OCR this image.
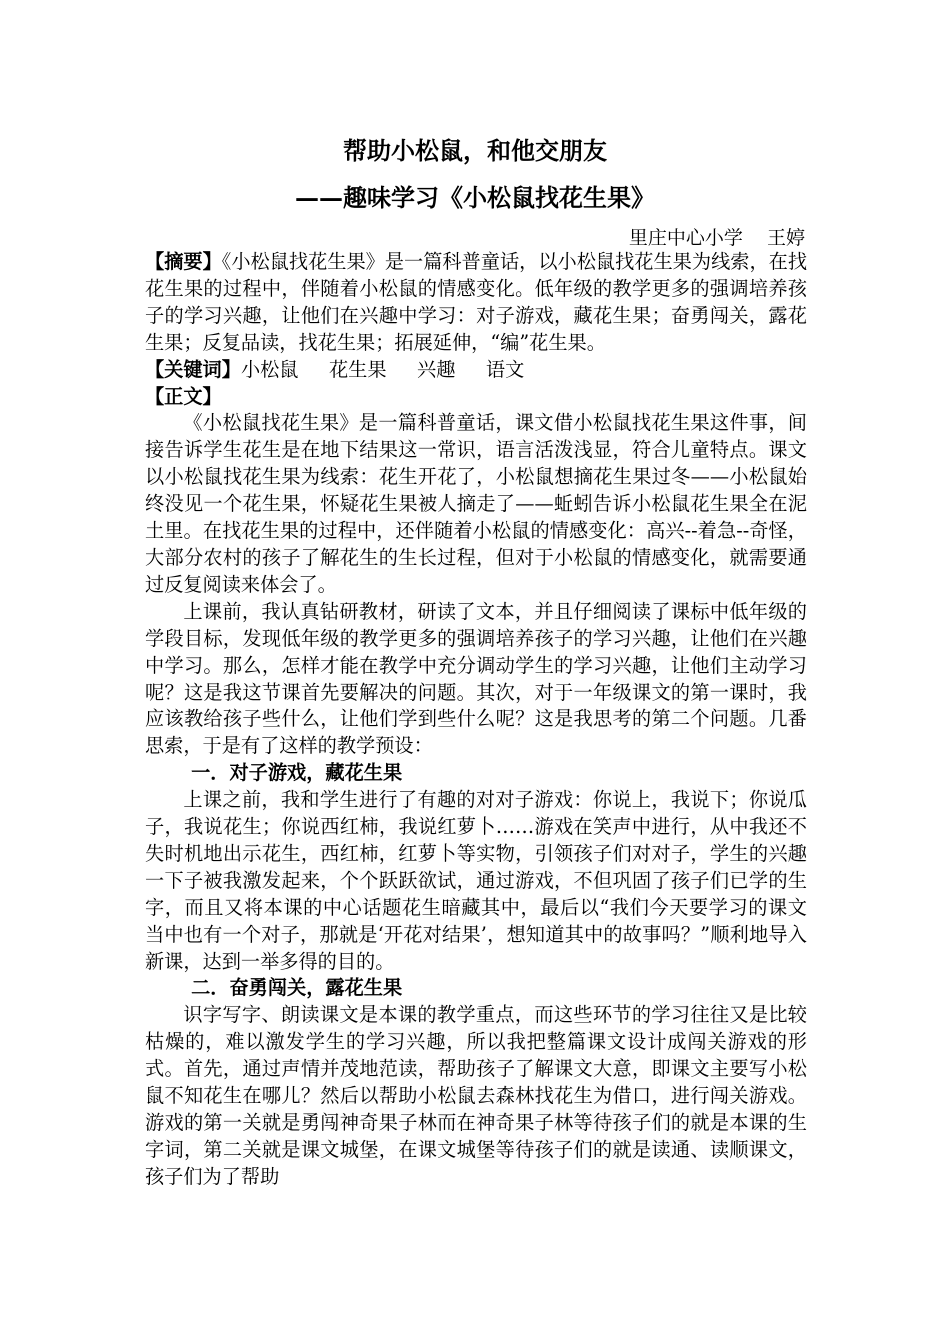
帮助小松鼠，和他交朋友
——趣味学习《小松鼠找花生果》
里庄中心小学    王婷

【摘要】《小松鼠找花生果》是一篇科普童话，以小松鼠找花生果为线索，在找花生果的过程中，伴随着小松鼠的情感变化。低年级的教学更多的强调培养孩子的学习兴趣，让他们在兴趣中学习：对子游戏，藏花生果；奋勇闯关，露花生果；反复品读，找花生果；拓展延伸，“编”花生果。

【关键词】小松鼠     花生果     兴趣     语文

【正文】

《小松鼠找花生果》是一篇科普童话，课文借小松鼠找花生果这件事，间接告诉学生花生是在地下结果这一常识，语言活泼浅显，符合儿童特点。课文以小松鼠找花生果为线索：花生开花了，小松鼠想摘花生果过冬——小松鼠始终没见一个花生果，怀疑花生果被人摘走了——蚯蚓告诉小松鼠花生果全在泥土里。在找花生果的过程中，还伴随着小松鼠的情感变化：高兴--着急--奇怪，大部分农村的孩子了解花生的生长过程，但对于小松鼠的情感变化，就需要通过反复阅读来体会了。

上课前，我认真钻研教材，研读了文本，并且仔细阅读了课标中低年级的学段目标，发现低年级的教学更多的强调培养孩子的学习兴趣，让他们在兴趣中学习。那么，怎样才能在教学中充分调动学生的学习兴趣，让他们主动学习呢？这是我这节课首先要解决的问题。其次，对于一年级课文的第一课时，我应该教给孩子些什么，让他们学到些什么呢？这是我思考的第二个问题。几番思索，于是有了这样的教学预设：

一．对子游戏，藏花生果

上课之前，我和学生进行了有趣的对对子游戏：你说上，我说下；你说瓜子，我说花生；你说西红柿，我说红萝卜……游戏在笑声中进行，从中我还不失时机地出示花生，西红柿，红萝卜等实物，引领孩子们对对子，学生的兴趣一下子被我激发起来，个个跃跃欲试，通过游戏，不但巩固了孩子们已学的生字，而且又将本课的中心话题花生暗藏其中，最后以“我们今天要学习的课文当中也有一个对子，那就是‘开花对结果’，想知道其中的故事吗？”顺利地导入新课，达到一举多得的目的。

二．奋勇闯关，露花生果

识字写字、朗读课文是本课的教学重点，而这些环节的学习往往又是比较枯燥的，难以激发学生的学习兴趣，所以我把整篇课文设计成闯关游戏的形式。首先，通过声情并茂地范读，帮助孩子了解课文大意，即课文主要写小松鼠不知花生在哪儿？然后以帮助小松鼠去森林找花生为借口，进行闯关游戏。游戏的第一关就是勇闯神奇果子林而在神奇果子林等待孩子们的就是本课的生字词，第二关就是课文城堡，在课文城堡等待孩子们的就是读通、读顺课文，孩子们为了帮助
